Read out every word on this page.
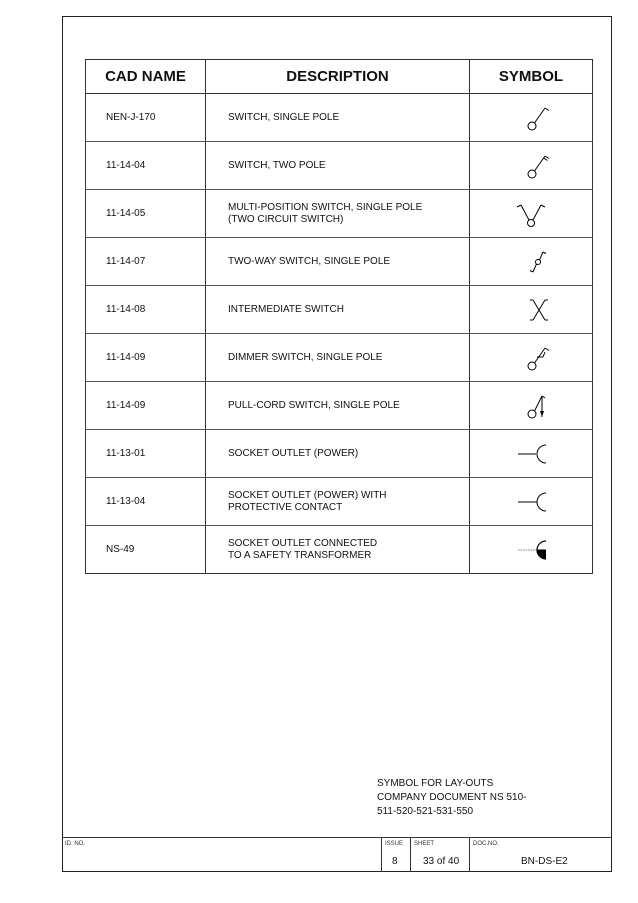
CAD NAME	DESCRIPTION	SYMBOL
NEN-J-170	SWITCH, SINGLE POLE

11-14-04	SWITCH, TWO POLE

11-14-05	MULTI-POSITION SWITCH, SINGLE POLE
(TWO CIRCUIT SWITCH)

11-14-07	TWO-WAY SWITCH, SINGLE POLE

11-14-08	INTERMEDIATE SWITCH

11-14-09	DIMMER SWITCH, SINGLE POLE

11-14-09	PULL-CORD SWITCH, SINGLE POLE

11-13-01	SOCKET OUTLET (POWER)

11-13-04	SOCKET OUTLET (POWER) WITH
PROTECTIVE CONTACT

NS-49	SOCKET OUTLET CONNECTED
TO A SAFETY TRANSFORMER

SYMBOL FOR LAY-OUTS
COMPANY DOCUMENT NS 510-
511-520-521-531-550
ID. NO.	ISSUE SHEET	DOC.NO.
8	33 of 40	BN-DS-E2
